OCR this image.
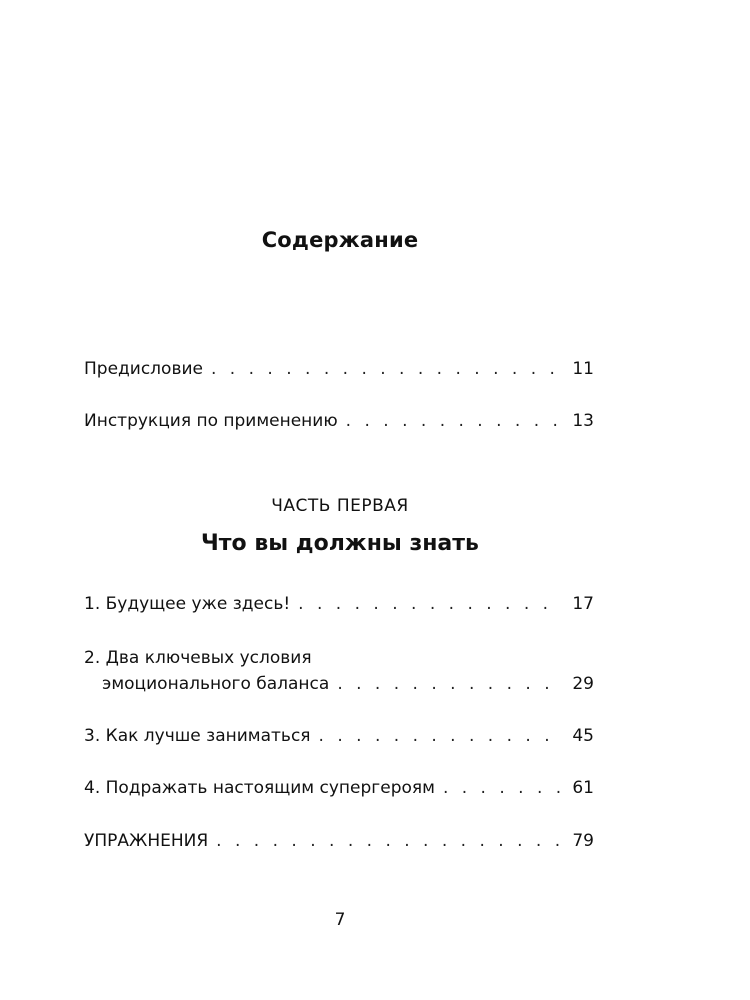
Содержание
Предисловие . . .	11
Инструкция по применению . . .	13
ЧАСТЬ ПЕРВАЯ
Что вы должны знать
1. Будущее уже здесь! . . .	17
2. Два ключевых условия
эмоционального баланса . . .	29
3. Как лучше заниматься . . .	45
4. Подражать настоящим супергероям . . .	61
УПРАЖНЕНИЯ . . .	79
7
